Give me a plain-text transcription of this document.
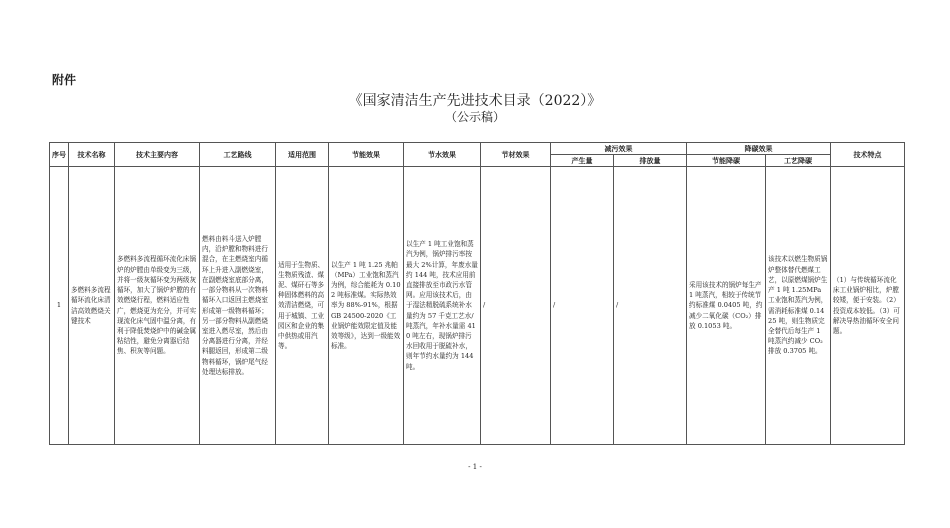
附件
《国家清洁生产先进技术目录（2022）》
（公示稿）
序号	技术名称	技术主要内容	工艺路线	适用范围	节能效果	节水效果	节材效果	减污效果		降碳效果		技术特点
								产生量	排放量	节能降碳	工艺降碳	
1	多燃料多流程循环流化床清洁高效燃烧关键技术	多燃料多流程循环流化床锅炉的炉膛由单级变为三级，并将一级灰循环变为两级灰循环，加大了锅炉炉膛的有效燃烧行程，燃料适应性广，燃烧更为充分，并可实现流化床气固中温分离，有利于降低焚烧炉中的碱金属粘结性，避免分离器后结焦、积灰等问题。	燃料由料斗送入炉膛内，沿炉膛和物料进行混合，在主燃烧室内循环上升进入副燃烧室，在副燃烧室底部分离，一部分物料从一次物料循环入口返回主燃烧室形成第一级物料循环；另一部分物料从副燃烧室进入燃尽室，然后由分离器进行分离，并经料腿返回，形成第二级物料循环，锅炉尾气经处理达标排放。	适用于生物质、生物质残渣、煤泥、煤矸石等多种固体燃料的高效清洁燃烧，可用于城镇、工业园区和企业的集中供热或用汽等。	以生产 1 吨 1.25 兆帕（MPa）工业饱和蒸汽为例，综合能耗为 0.102 吨标准煤。实际热效率为 88%-91%，根据 GB 24500-2020《工业锅炉能效限定值及能效等级》，达到一级能效标准。	以生产 1 吨工业饱和蒸汽为例，锅炉排污率按最大 2%计算，年废水量约 144 吨，技术应用前直接排放至市政污水管网。应用该技术后，由于湿法精脱硫系统补水量约为 57 千克工艺水/吨蒸汽，年补水量需 410 吨左右，现锅炉排污水回收用于脱硫补水，则年节约水量约为 144 吨。	/	/	/	采用该技术的锅炉每生产 1 吨蒸汽，相较于传统节约标准煤 0.0405 吨，约减少二氧化碳（CO₂）排放 0.1053 吨。	该技术以燃生物质锅炉整体替代燃煤工艺，以原燃煤锅炉生产 1 吨 1.25MPa 工业饱和蒸汽为例，需消耗标准煤 0.1425 吨，则生物质完全替代后每生产 1 吨蒸汽约减少 CO₂ 排放 0.3705 吨。	（1）与传统循环流化床工业锅炉相比，炉膛较矮，便于安装。（2）投资成本较低。（3）可解决导热油循环安全问题。
- 1 -
